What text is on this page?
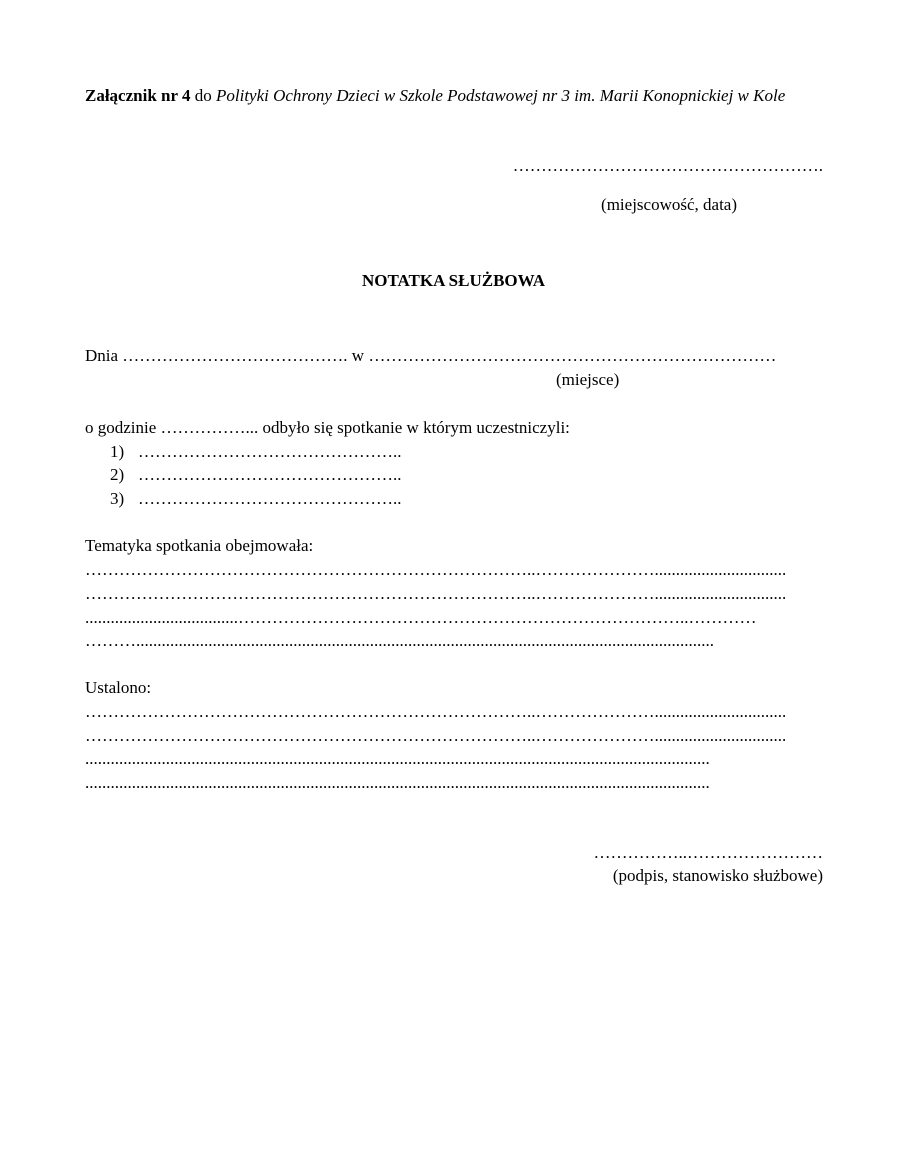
Załącznik nr 4 do Polityki Ochrony Dzieci w Szkole Podstawowej nr 3 im. Marii Konopnickiej w Kole
……………………………………………….
(miejscowość, data)
NOTATKA SŁUŻBOWA
Dnia …………………………………. w ………………………………………………………………
(miejsce)
o godzinie ……………... odbyło się spotkanie w którym uczestniczyli:
1) ………………………………………..
2) ………………………………………..
3) ………………………………………..
Tematyka spotkania obejmowała:
……………………………………………………………………..…………………...............................
……………………………………………………………………..…………………...............................
....................................……………………………………………………………………..…………
………........................................................................................................................................
Ustalono:
……………………………………………………………………..…………………...............................
……………………………………………………………………..…………………...............................
...................................................................................................................................................
...................................................................................................................................................
……………..……………………
(podpis, stanowisko służbowe)
